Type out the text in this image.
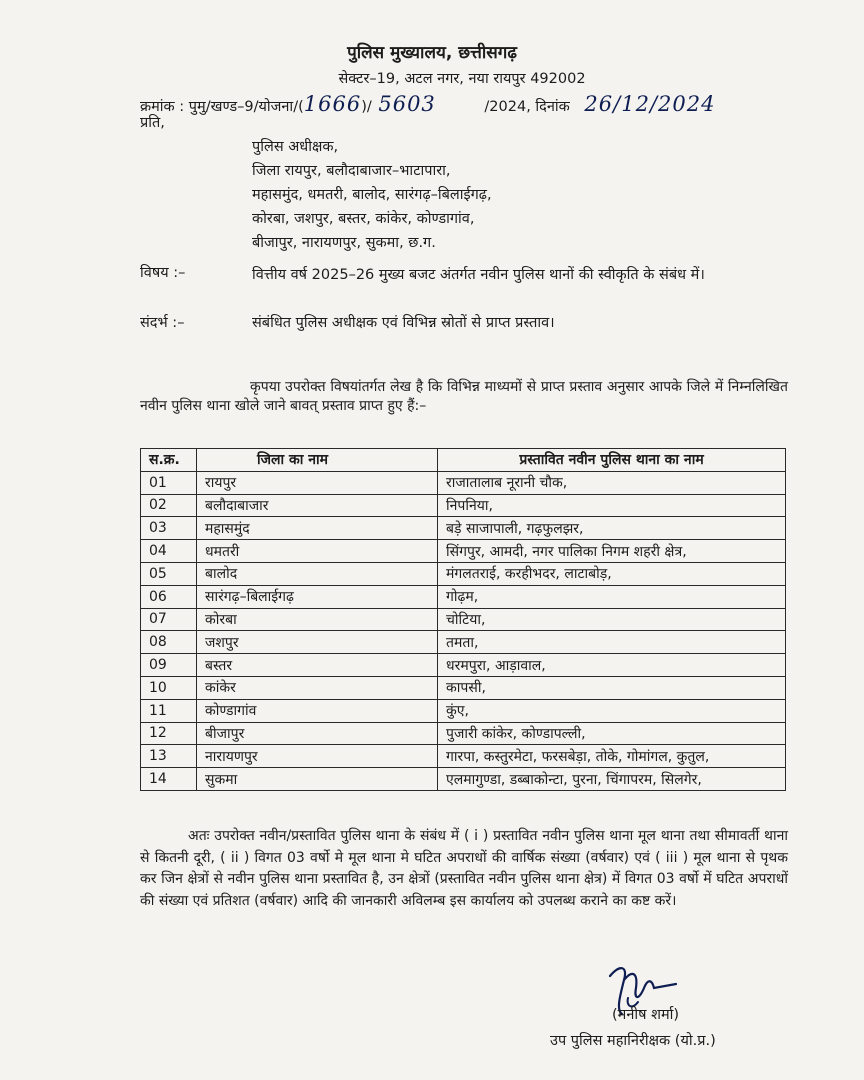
पुलिस मुख्यालय, छत्तीसगढ़
सेक्टर–19, अटल नगर, नया रायपुर 492002
क्रमांक : पुमु/खण्ड–9/योजना/(1666)/ 5603	/2024, दिनांक 26/12/2024
प्रति,
पुलिस अधीक्षक,
जिला रायपुर, बलौदाबाजार–भाटापारा,
महासमुंद, धमतरी, बालोद, सारंगढ़–बिलाईगढ़,
कोरबा, जशपुर, बस्तर, कांकेर, कोण्डागांव,
बीजापुर, नारायणपुर, सुकमा, छ.ग.
विषय :–	वित्तीय वर्ष 2025–26 मुख्य बजट अंतर्गत नवीन पुलिस थानों की स्वीकृति के संबंध में।
संदर्भ :–	संबंधित पुलिस अधीक्षक एवं विभिन्न स्रोतों से प्राप्त प्रस्ताव।
कृपया उपरोक्त विषयांतर्गत लेख है कि विभिन्न माध्यमों से प्राप्त प्रस्ताव अनुसार आपके जिले में निम्नलिखित नवीन पुलिस थाना खोले जाने बावत् प्रस्ताव प्राप्त हुए हैं:–
स.क्र.	जिला का नाम	प्रस्तावित नवीन पुलिस थाना का नाम
01	रायपुर	राजातालाब नूरानी चौक,
02	बलौदाबाजार	निपनिया,
03	महासमुंद	बड़े साजापाली, गढ़फुलझर,
04	धमतरी	सिंगपुर, आमदी, नगर पालिका निगम शहरी क्षेत्र,
05	बालोद	मंगलतराई, करहीभदर, लाटाबोड़,
06	सारंगढ़–बिलाईगढ़	गोढ़म,
07	कोरबा	चोटिया,
08	जशपुर	तमता,
09	बस्तर	धरमपुरा, आड़ावाल,
10	कांकेर	कापसी,
11	कोण्डागांव	कुंए,
12	बीजापुर	पुजारी कांकेर, कोण्डापल्ली,
13	नारायणपुर	गारपा, कस्तुरमेटा, फरसबेड़ा, तोके, गोमांगल, कुतुल,
14	सुकमा	एलमागुण्डा, डब्बाकोन्टा, पुरना, चिंगापरम, सिलगेर,
अतः उपरोक्त नवीन/प्रस्तावित पुलिस थाना के संबंध में ( i ) प्रस्तावित नवीन पुलिस थाना मूल थाना तथा सीमावर्ती थाना से कितनी दूरी, ( ii ) विगत 03 वर्षो मे मूल थाना मे घटित अपराधों की वार्षिक संख्या (वर्षवार) एवं ( iii ) मूल थाना से पृथक कर जिन क्षेत्रों से नवीन पुलिस थाना प्रस्तावित है, उन क्षेत्रों (प्रस्तावित नवीन पुलिस थाना क्षेत्र) में विगत 03 वर्षो में घटित अपराधों की संख्या एवं प्रतिशत (वर्षवार) आदि की जानकारी अविलम्ब इस कार्यालय को उपलब्ध कराने का कष्ट करें।
(मनीष शर्मा)
उप पुलिस महानिरीक्षक (यो.प्र.)
